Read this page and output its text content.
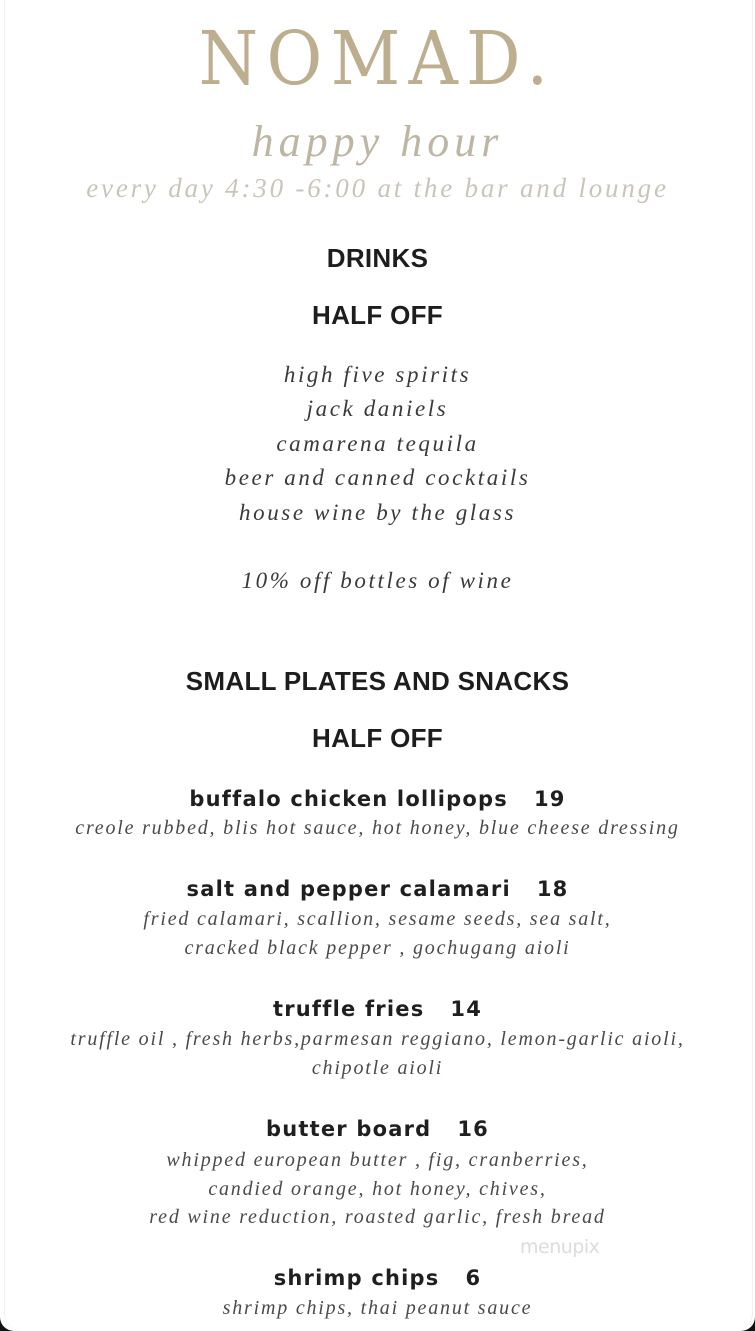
NOMAD.
happy hour
every day 4:30 -6:00 at the bar and lounge
DRINKS
HALF OFF
high five spirits
jack daniels
camarena tequila
beer and canned cocktails
house wine by the glass
10% off bottles of wine
SMALL PLATES AND SNACKS
HALF OFF
buffalo chicken lollipops 19
creole rubbed, blis hot sauce, hot honey, blue cheese dressing
salt and pepper calamari 18
fried calamari, scallion, sesame seeds, sea salt,
cracked black pepper , gochugang aioli
truffle fries 14
truffle oil , fresh herbs,parmesan reggiano, lemon-garlic aioli,
chipotle aioli
butter board 16
whipped european butter , fig, cranberries,
candied orange, hot honey, chives,
red wine reduction, roasted garlic, fresh bread
menupix
shrimp chips 6
shrimp chips, thai peanut sauce
